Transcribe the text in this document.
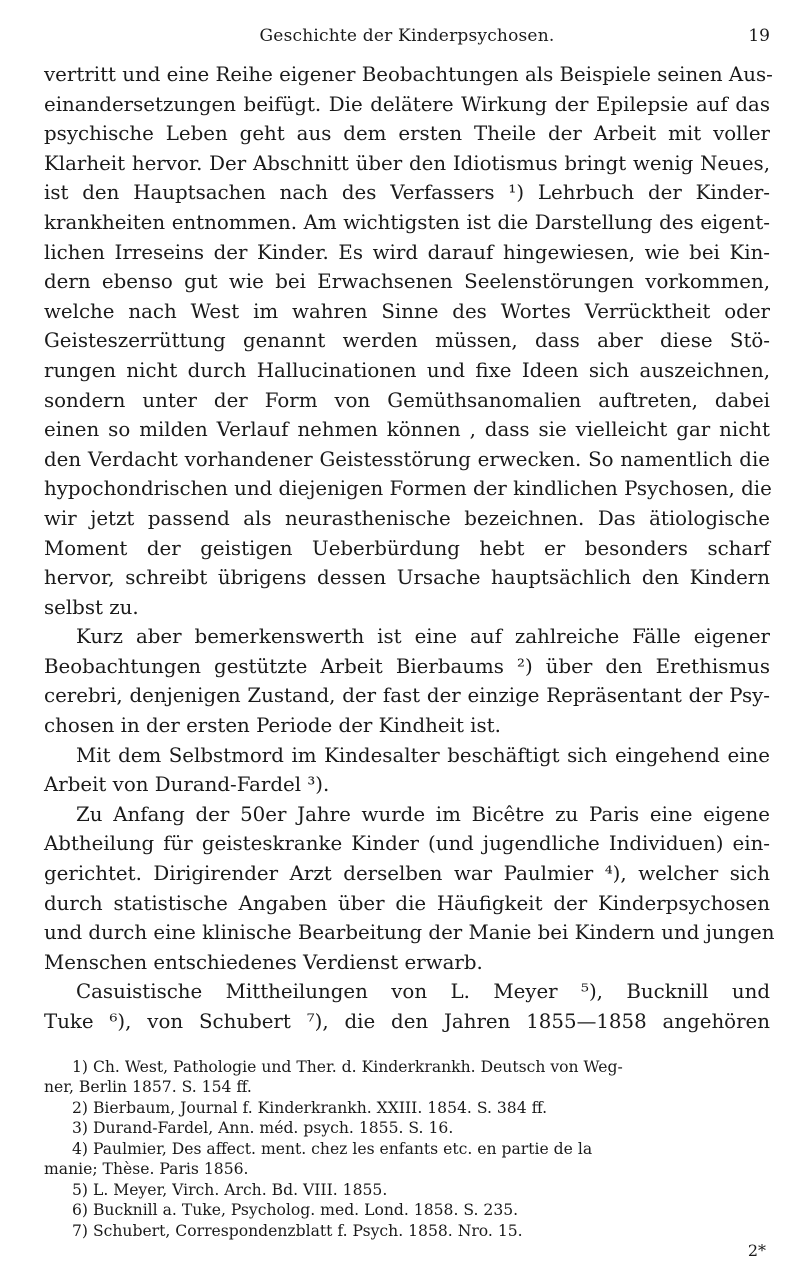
Geschichte der Kinderpsychosen.	19
vertritt und eine Reihe eigener Beobachtungen als Beispiele seinen Aus-
einandersetzungen beifügt. Die delätere Wirkung der Epilepsie auf das
psychische Leben geht aus dem ersten Theile der Arbeit mit voller
Klarheit hervor. Der Abschnitt über den Idiotismus bringt wenig Neues,
ist den Hauptsachen nach des Verfassers ¹) Lehrbuch der Kinder-
krankheiten entnommen. Am wichtigsten ist die Darstellung des eigent-
lichen Irreseins der Kinder. Es wird darauf hingewiesen, wie bei Kin-
dern ebenso gut wie bei Erwachsenen Seelenstörungen vorkommen,
welche nach West im wahren Sinne des Wortes Verrücktheit oder
Geisteszerrüttung genannt werden müssen, dass aber diese Stö-
rungen nicht durch Hallucinationen und fixe Ideen sich auszeichnen,
sondern unter der Form von Gemüthsanomalien auftreten, dabei
einen so milden Verlauf nehmen können , dass sie vielleicht gar nicht
den Verdacht vorhandener Geistesstörung erwecken. So namentlich die
hypochondrischen und diejenigen Formen der kindlichen Psychosen, die
wir jetzt passend als neurasthenische bezeichnen. Das ätiologische
Moment der geistigen Ueberbürdung hebt er besonders scharf
hervor, schreibt übrigens dessen Ursache hauptsächlich den Kindern
selbst zu.
Kurz aber bemerkenswerth ist eine auf zahlreiche Fälle eigener
Beobachtungen gestützte Arbeit Bierbaums ²) über den Erethismus
cerebri, denjenigen Zustand, der fast der einzige Repräsentant der Psy-
chosen in der ersten Periode der Kindheit ist.
Mit dem Selbstmord im Kindesalter beschäftigt sich eingehend eine
Arbeit von Durand-Fardel ³).
Zu Anfang der 50er Jahre wurde im Bicêtre zu Paris eine eigene
Abtheilung für geisteskranke Kinder (und jugendliche Individuen) ein-
gerichtet. Dirigirender Arzt derselben war Paulmier ⁴), welcher sich
durch statistische Angaben über die Häufigkeit der Kinderpsychosen
und durch eine klinische Bearbeitung der Manie bei Kindern und jungen
Menschen entschiedenes Verdienst erwarb.
Casuistische Mittheilungen von L. Meyer ⁵), Bucknill und
Tuke ⁶), von Schubert ⁷), die den Jahren 1855—1858 angehören
1) Ch. West, Pathologie und Ther. d. Kinderkrankh. Deutsch von Weg-
ner, Berlin 1857. S. 154 ff.
2) Bierbaum, Journal f. Kinderkrankh. XXIII. 1854. S. 384 ff.
3) Durand-Fardel, Ann. méd. psych. 1855. S. 16.
4) Paulmier, Des affect. ment. chez les enfants etc. en partie de la
manie; Thèse. Paris 1856.
5) L. Meyer, Virch. Arch. Bd. VIII. 1855.
6) Bucknill a. Tuke, Psycholog. med. Lond. 1858. S. 235.
7) Schubert, Correspondenzblatt f. Psych. 1858. Nro. 15.
2*
